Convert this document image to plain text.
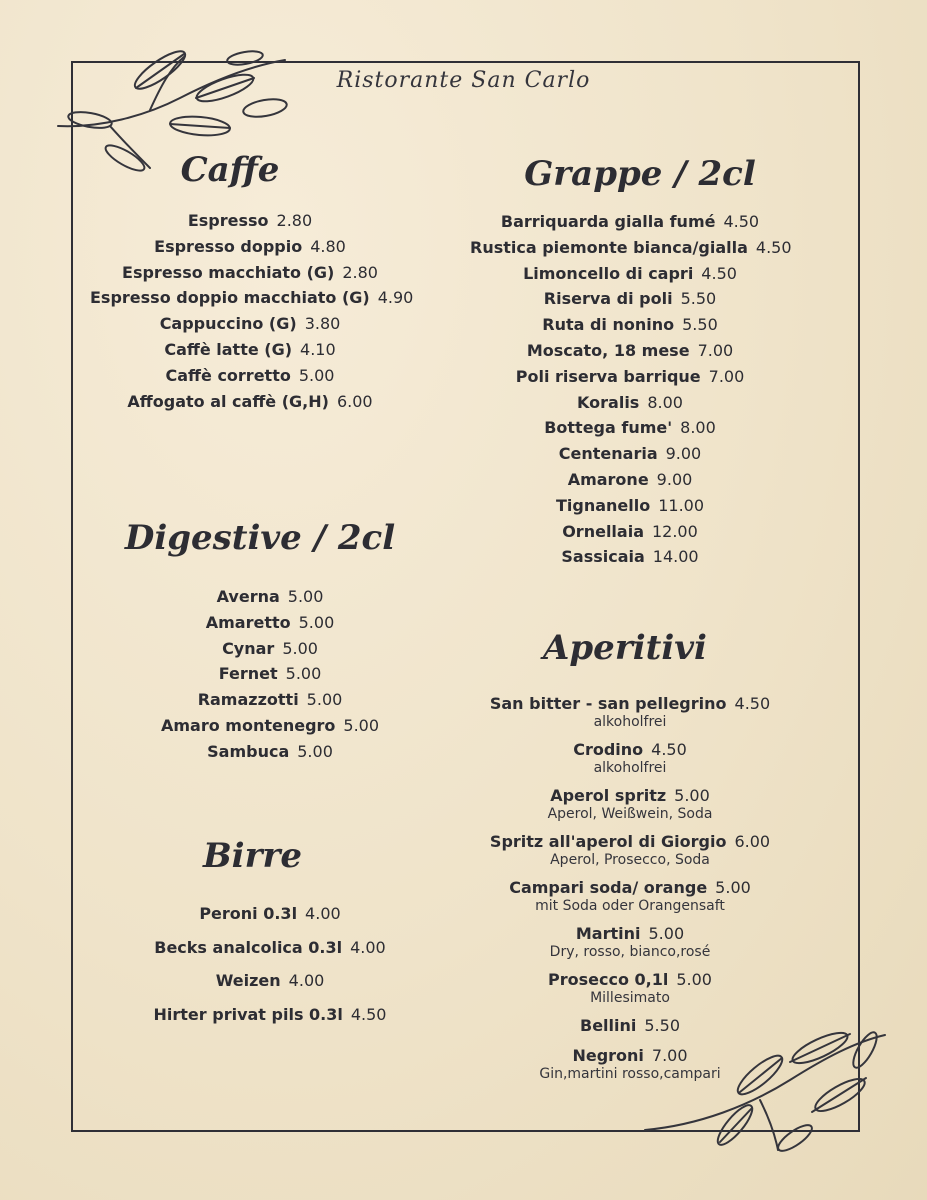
Ristorante San Carlo
Caffe
Espresso 2.80
Espresso doppio 4.80
Espresso macchiato (G) 2.80
Espresso doppio macchiato (G) 4.90
Cappuccino (G) 3.80
Caffè latte (G) 4.10
Caffè corretto 5.00
Affogato al caffè (G,H) 6.00
Digestive / 2cl
Averna 5.00
Amaretto 5.00
Cynar 5.00
Fernet 5.00
Ramazzotti 5.00
Amaro montenegro 5.00
Sambuca 5.00
Birre
Peroni 0.3l 4.00
Becks analcolica 0.3l 4.00
Weizen 4.00
Hirter privat pils 0.3l 4.50
Grappe / 2cl
Barriquarda gialla fumé 4.50
Rustica piemonte bianca/gialla 4.50
Limoncello di capri 4.50
Riserva di poli 5.50
Ruta di nonino 5.50
Moscato, 18 mese 7.00
Poli riserva barrique 7.00
Koralis 8.00
Bottega fume' 8.00
Centenaria 9.00
Amarone 9.00
Tignanello 11.00
Ornellaia 12.00
Sassicaia 14.00
Aperitivi
San bitter - san pellegrino 4.50
alkoholfrei
Crodino 4.50
alkoholfrei
Aperol spritz 5.00
Aperol, Weißwein, Soda
Spritz all'aperol di Giorgio 6.00
Aperol, Prosecco, Soda
Campari soda/ orange 5.00
mit Soda oder Orangensaft
Martini 5.00
Dry, rosso, bianco,rosé
Prosecco 0,1l 5.00
Millesimato
Bellini 5.50
Negroni 7.00
Gin,martini rosso,campari
